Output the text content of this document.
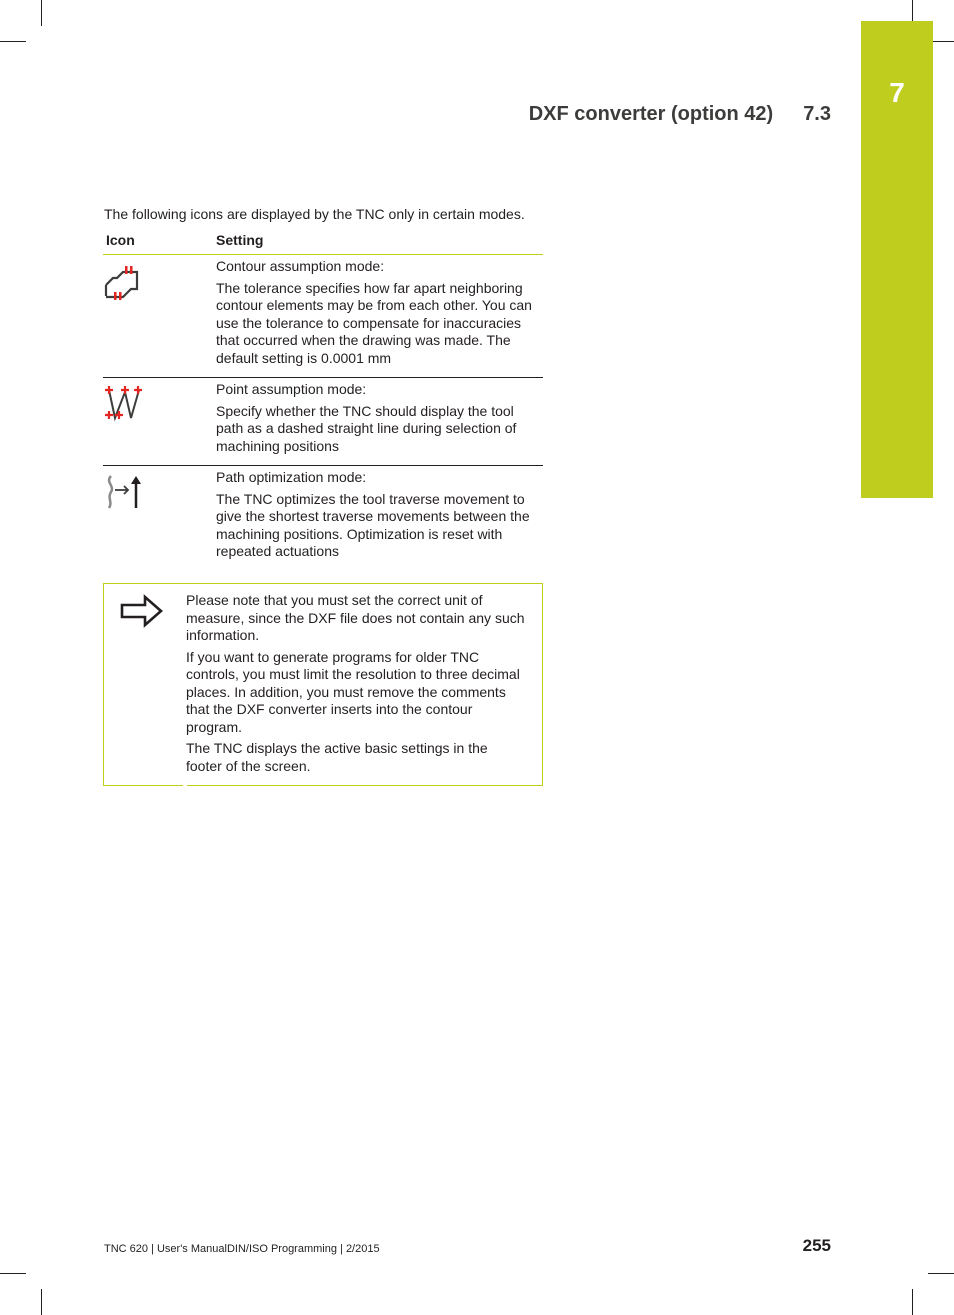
7
DXF converter (option 42) 7.3
The following icons are displayed by the TNC only in certain modes.
Icon	Setting

Contour assumption mode:

The tolerance specifies how far apart neighboring contour elements may be from each other. You can use the tolerance to compensate for inaccuracies that occurred when the drawing was made. The default setting is 0.0001 mm

Point assumption mode:

Specify whether the TNC should display the tool path as a dashed straight line during selection of machining positions

Path optimization mode:

The TNC optimizes the tool traverse movement to give the shortest traverse movements between the machining positions. Optimization is reset with repeated actuations

Please note that you must set the correct unit of measure, since the DXF file does not contain any such information.

If you want to generate programs for older TNC controls, you must limit the resolution to three decimal places. In addition, you must remove the comments that the DXF converter inserts into the contour program.

The TNC displays the active basic settings in the footer of the screen.

TNC 620 | User's ManualDIN/ISO Programming | 2/2015	255
